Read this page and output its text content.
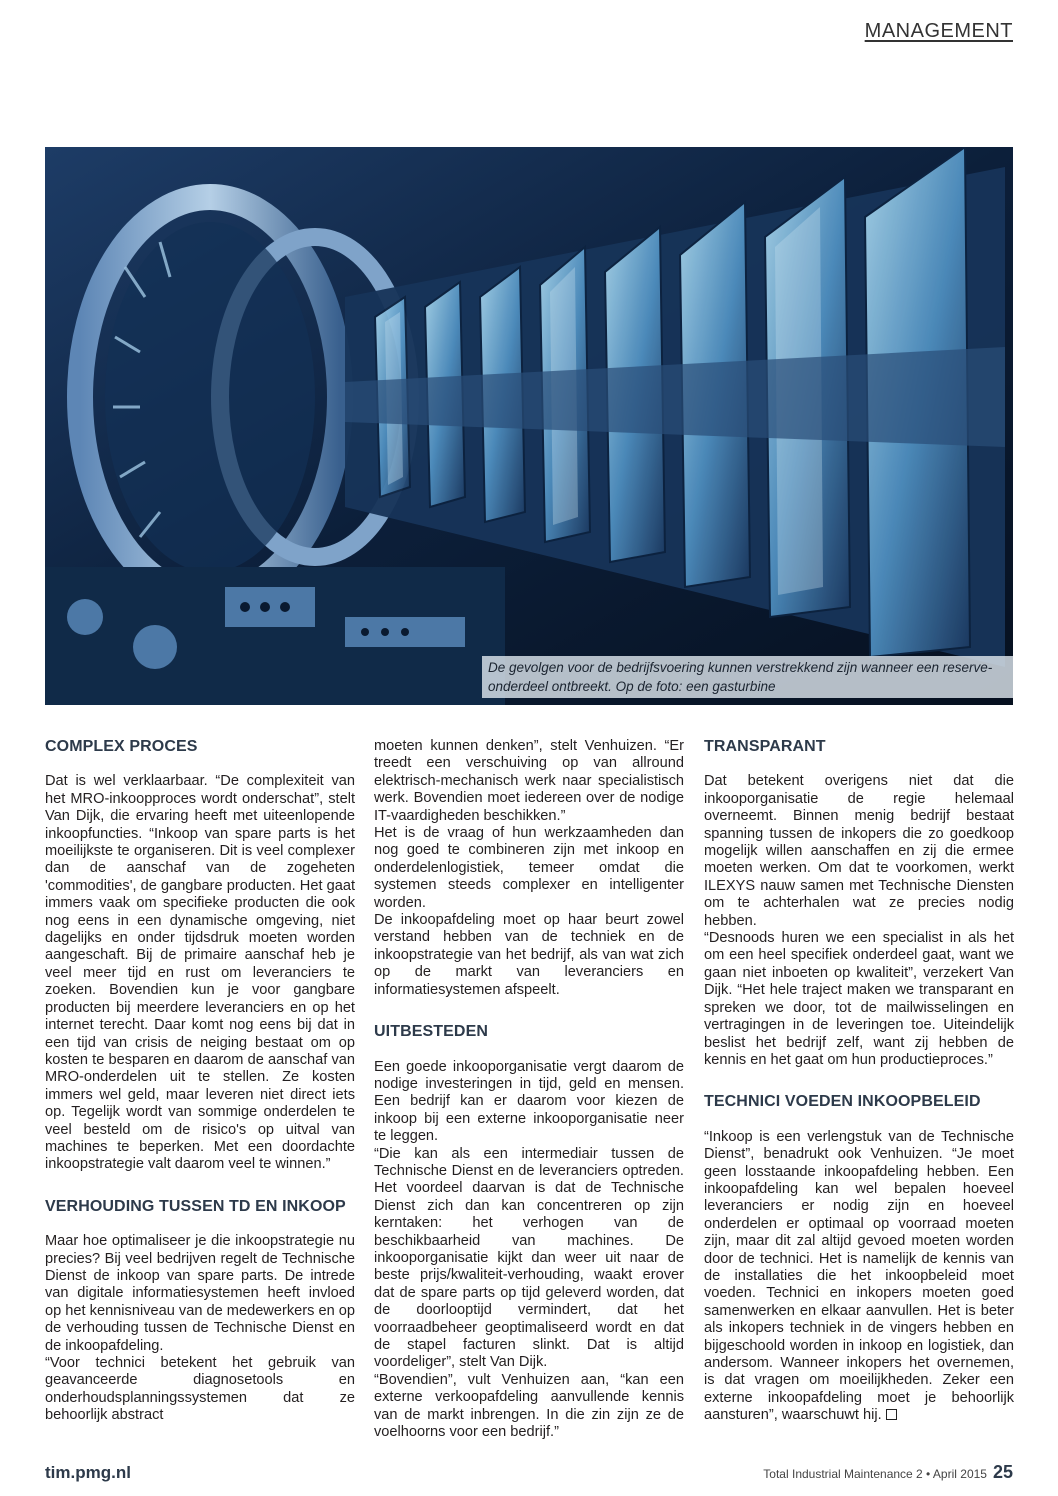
MANAGEMENT
De gevolgen voor de bedrijfsvoering kunnen verstrekkend zijn wanneer een reserve-onderdeel ontbreekt. Op de foto: een gasturbine
COMPLEX PROCES

Dat is wel verklaarbaar. “De complexiteit van het MRO-inkoopproces wordt onderschat”, stelt Van Dijk, die ervaring heeft met uiteenlopende inkoopfuncties. “Inkoop van spare parts is het moeilijkste te organiseren. Dit is veel complexer dan de aanschaf van de zogeheten 'commodities', de gangbare producten. Het gaat immers vaak om specifieke producten die ook nog eens in een dynamische omgeving, niet dagelijks en onder tijdsdruk moeten worden aangeschaft. Bij de primaire aanschaf heb je veel meer tijd en rust om leveranciers te zoeken. Bovendien kun je voor gangbare producten bij meerdere leveranciers en op het internet terecht. Daar komt nog eens bij dat in een tijd van crisis de neiging bestaat om op kosten te besparen en daarom de aanschaf van MRO-onderdelen uit te stellen. Ze kosten immers wel geld, maar leveren niet direct iets op. Tegelijk wordt van sommige onderdelen te veel besteld om de risico's op uitval van machines te beperken. Met een doordachte inkoopstrategie valt daarom veel te winnen.”

VERHOUDING TUSSEN TD EN INKOOP

Maar hoe optimaliseer je die inkoopstrategie nu precies? Bij veel bedrijven regelt de Technische Dienst de inkoop van spare parts. De intrede van digitale informatiesystemen heeft invloed op het kennisniveau van de medewerkers en op de verhouding tussen de Technische Dienst en de inkoopafdeling.

“Voor technici betekent het gebruik van geavanceerde diagnosetools en onderhoudsplanningssystemen dat ze behoorlijk abstract

moeten kunnen denken”, stelt Venhuizen. “Er treedt een verschuiving op van allround elektrisch-mechanisch werk naar specialistisch werk. Bovendien moet iedereen over de nodige IT-vaardigheden beschikken.”

Het is de vraag of hun werkzaamheden dan nog goed te combineren zijn met inkoop en onderdelenlogistiek, temeer omdat die systemen steeds complexer en intelligenter worden.

De inkoopafdeling moet op haar beurt zowel verstand hebben van de techniek en de inkoopstrategie van het bedrijf, als van wat zich op de markt van leveranciers en informatiesystemen afspeelt.

UITBESTEDEN

Een goede inkooporganisatie vergt daarom de nodige investeringen in tijd, geld en mensen. Een bedrijf kan er daarom voor kiezen de inkoop bij een externe inkooporganisatie neer te leggen.

“Die kan als een intermediair tussen de Technische Dienst en de leveranciers optreden. Het voordeel daarvan is dat de Technische Dienst zich dan kan concentreren op zijn kerntaken: het verhogen van de beschikbaarheid van machines. De inkooporganisatie kijkt dan weer uit naar de beste prijs/kwaliteit-verhouding, waakt erover dat de spare parts op tijd geleverd worden, dat de doorlooptijd vermindert, dat het voorraadbeheer geoptimaliseerd wordt en dat de stapel facturen slinkt. Dat is altijd voordeliger”, stelt Van Dijk.

“Bovendien”, vult Venhuizen aan, “kan een externe verkoopafdeling aanvullende kennis van de markt inbrengen. In die zin zijn ze de voelhoorns voor een bedrijf.”

TRANSPARANT

Dat betekent overigens niet dat die inkooporganisatie de regie helemaal overneemt. Binnen menig bedrijf bestaat spanning tussen de inkopers die zo goedkoop mogelijk willen aanschaffen en zij die ermee moeten werken. Om dat te voorkomen, werkt ILEXYS nauw samen met Technische Diensten om te achterhalen wat ze precies nodig hebben.

“Desnoods huren we een specialist in als het om een heel specifiek onderdeel gaat, want we gaan niet inboeten op kwaliteit”, verzekert Van Dijk. “Het hele traject maken we transparant en spreken we door, tot de mailwisselingen en vertragingen in de leveringen toe. Uiteindelijk beslist het bedrijf zelf, want zij hebben de kennis en het gaat om hun productieproces.”

TECHNICI VOEDEN INKOOPBELEID

“Inkoop is een verlengstuk van de Technische Dienst”, benadrukt ook Venhuizen. “Je moet geen losstaande inkoopafdeling hebben. Een inkoopafdeling kan wel bepalen hoeveel leveranciers er nodig zijn en hoeveel onderdelen er optimaal op voorraad moeten zijn, maar dit zal altijd gevoed moeten worden door de technici. Het is namelijk de kennis van de installaties die het inkoopbeleid moet voeden. Technici en inkopers moeten goed samenwerken en elkaar aanvullen. Het is beter als inkopers techniek in de vingers hebben en bijgeschoold worden in inkoop en logistiek, dan andersom. Wanneer inkopers het overnemen, is dat vragen om moeilijkheden. Zeker een externe inkoopafdeling moet je behoorlijk aansturen”, waarschuwt hij.

tim.pmg.nl	Total Industrial Maintenance 2 • April 2015 25
